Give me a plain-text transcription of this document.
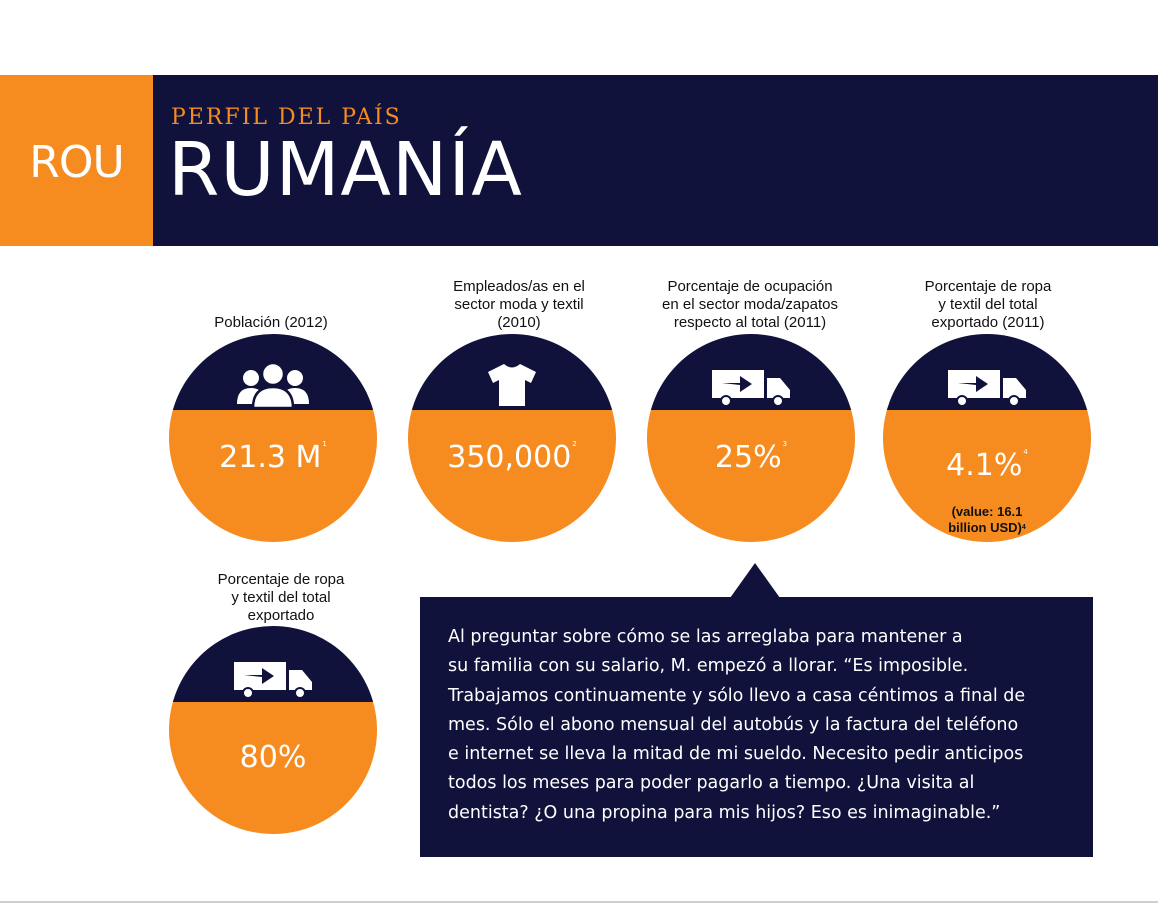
ROU
PERFIL DEL PAÍS
RUMANÍA
Población (2012)
21.3 $M^1$
Empleados/as en el
sector moda y textil
(2010)
350,000$^2$
Porcentaje de ocupación
en el sector moda/zapatos
respecto al total (2011)
25%$^3$
Porcentaje de ropa
y textil del total
exportado (2011)
4.1%$^4$

(value: 16.1
billion USD)$^4$

Porcentaje de ropa
y textil del total
exportado
80%

Al preguntar sobre cómo se las arreglaba para mantener a
su familia con su salario, M. empezó a llorar. “Es imposible.
Trabajamos continuamente y sólo llevo a casa céntimos a final de
mes. Sólo el abono mensual del autobús y la factura del teléfono
e internet se lleva la mitad de mi sueldo. Necesito pedir anticipos
todos los meses para poder pagarlo a tiempo. ¿Una visita al
dentista? ¿O una propina para mis hijos? Eso es inimaginable.”
